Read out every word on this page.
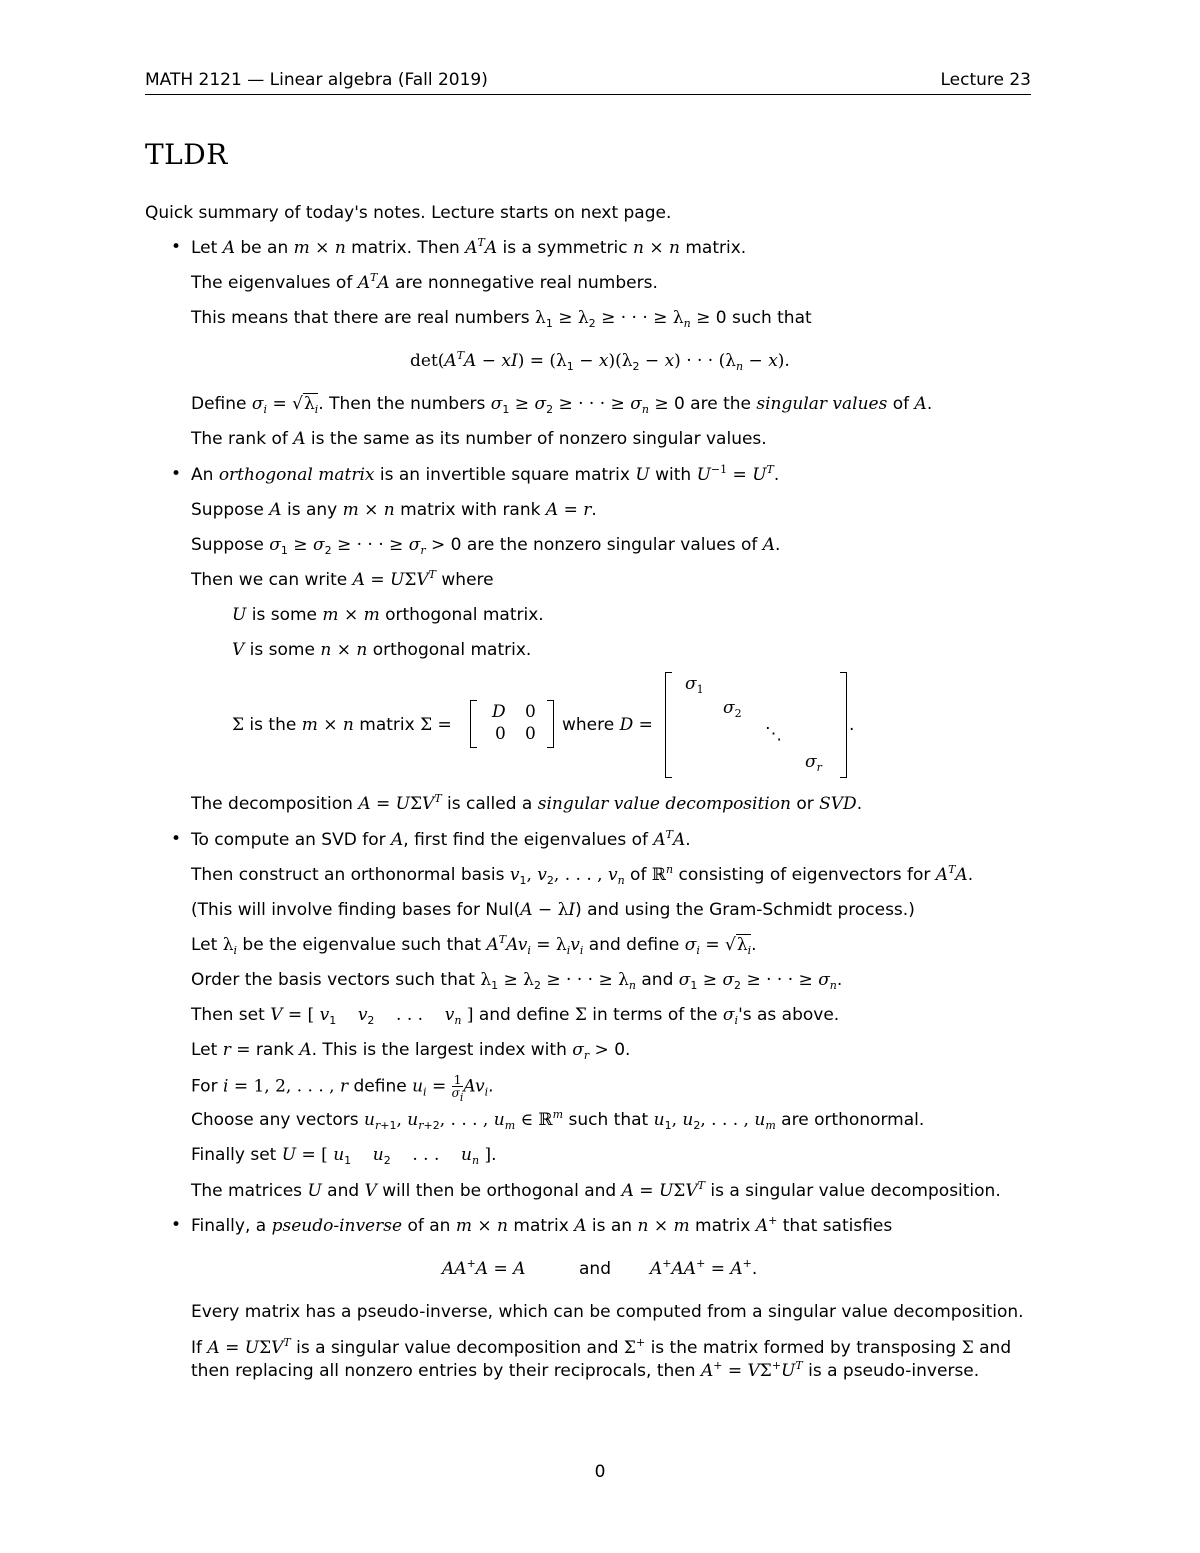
MATH 2121 — Linear algebra (Fall 2019)	Lecture 23
TLDR
Quick summary of today's notes. Lecture starts on next page.
• Let A be an m × n matrix. Then $A^TA$ is a symmetric n × n matrix.
The eigenvalues of $A^TA$ are nonnegative real numbers.
This means that there are real numbers $\lambda_1 \ge \lambda_2$ ≥ · · · ≥ $\lambda_n \ge 0$ such that
$\det(A^TA - xI) = (\lambda_1 - x)(\lambda_2 - x)$ · · · $(\lambda_n - x)$.
Define $\sigma_i = √\lambda_i$. Then the numbers $\sigma_1 \ge \sigma_2$ ≥ · · · ≥ $\sigma_n \ge 0$ are the singular values of A.
The rank of A is the same as its number of nonzero singular values.
• An orthogonal matrix is an invertible square matrix U with $U^{-1} = U^T$.
Suppose A is any m × n matrix with rank A = r.
Suppose $\sigma_1 \ge \sigma_2$ ≥ · · · ≥ $\sigma_r > 0$ are the nonzero singular values of A.
Then we can write $A = U\Sigma V^T$ where
U is some m × m orthogonal matrix.
V is some n × n orthogonal matrix.
Σ is the m × n matrix Σ =
D 0
0 0 where D =
$\sigma_1$
$\sigma_2$
⋱
$\sigma_r$
.
The decomposition $A = U\Sigma V^T$ is called a singular value decomposition or SVD.
• To compute an SVD for A, first find the eigenvalues of $A^TA$.
Then construct an orthonormal basis $v_1$, $v_2$, . . . , $v_n$ of ℝ$^n$ consisting of eigenvectors for $A^TA$.
(This will involve finding bases for Nul(A − λI) and using the Gram-Schmidt process.)
Let $\lambda_i$ be the eigenvalue such that $A^TAv_i = \lambda_iv_i$ and define $\sigma_i = √\lambda_i$.
Order the basis vectors such that $\lambda_1 \ge \lambda_2$ ≥ · · · ≥ $\lambda_n$ and $\sigma_1 \ge \sigma_2$ ≥ · · · ≥ $\sigma_n$.
Then set V = [ $v_1$ $v_2$ . . . $v_n$ ] and define Σ in terms of the $\sigma_i's$ as above.
Let r = rank A. This is the largest index with $\sigma_r > 0$.
For i = 1, 2, . . . , r define $u_i = \frac{1}{\sigma_i} Av_i$.
Choose any vectors $u_{r+1}$, $u_{r+2}$, . . . , $u_m$ ∈ ℝ$^m$ such that $u_1$, $u_2$, . . . , $u_m$ are orthonormal.
Finally set U = [ $u_1$ $u_2$ . . . $u_n$ ].
The matrices U and V will then be orthogonal and $A = U\Sigma V^T$ is a singular value decomposition.
• Finally, a pseudo-inverse of an m × n matrix A is an n × m matrix A+ that satisfies
AA+A = A	and A+AA+ = A+.
Every matrix has a pseudo-inverse, which can be computed from a singular value decomposition.
If $A = U\Sigma V^T$ is a singular value decomposition and Σ+ is the matrix formed by transposing Σ and
then replacing all nonzero entries by their reciprocals, then $A^+ = V\Sigma^+U^T$ is a pseudo-inverse.
0
